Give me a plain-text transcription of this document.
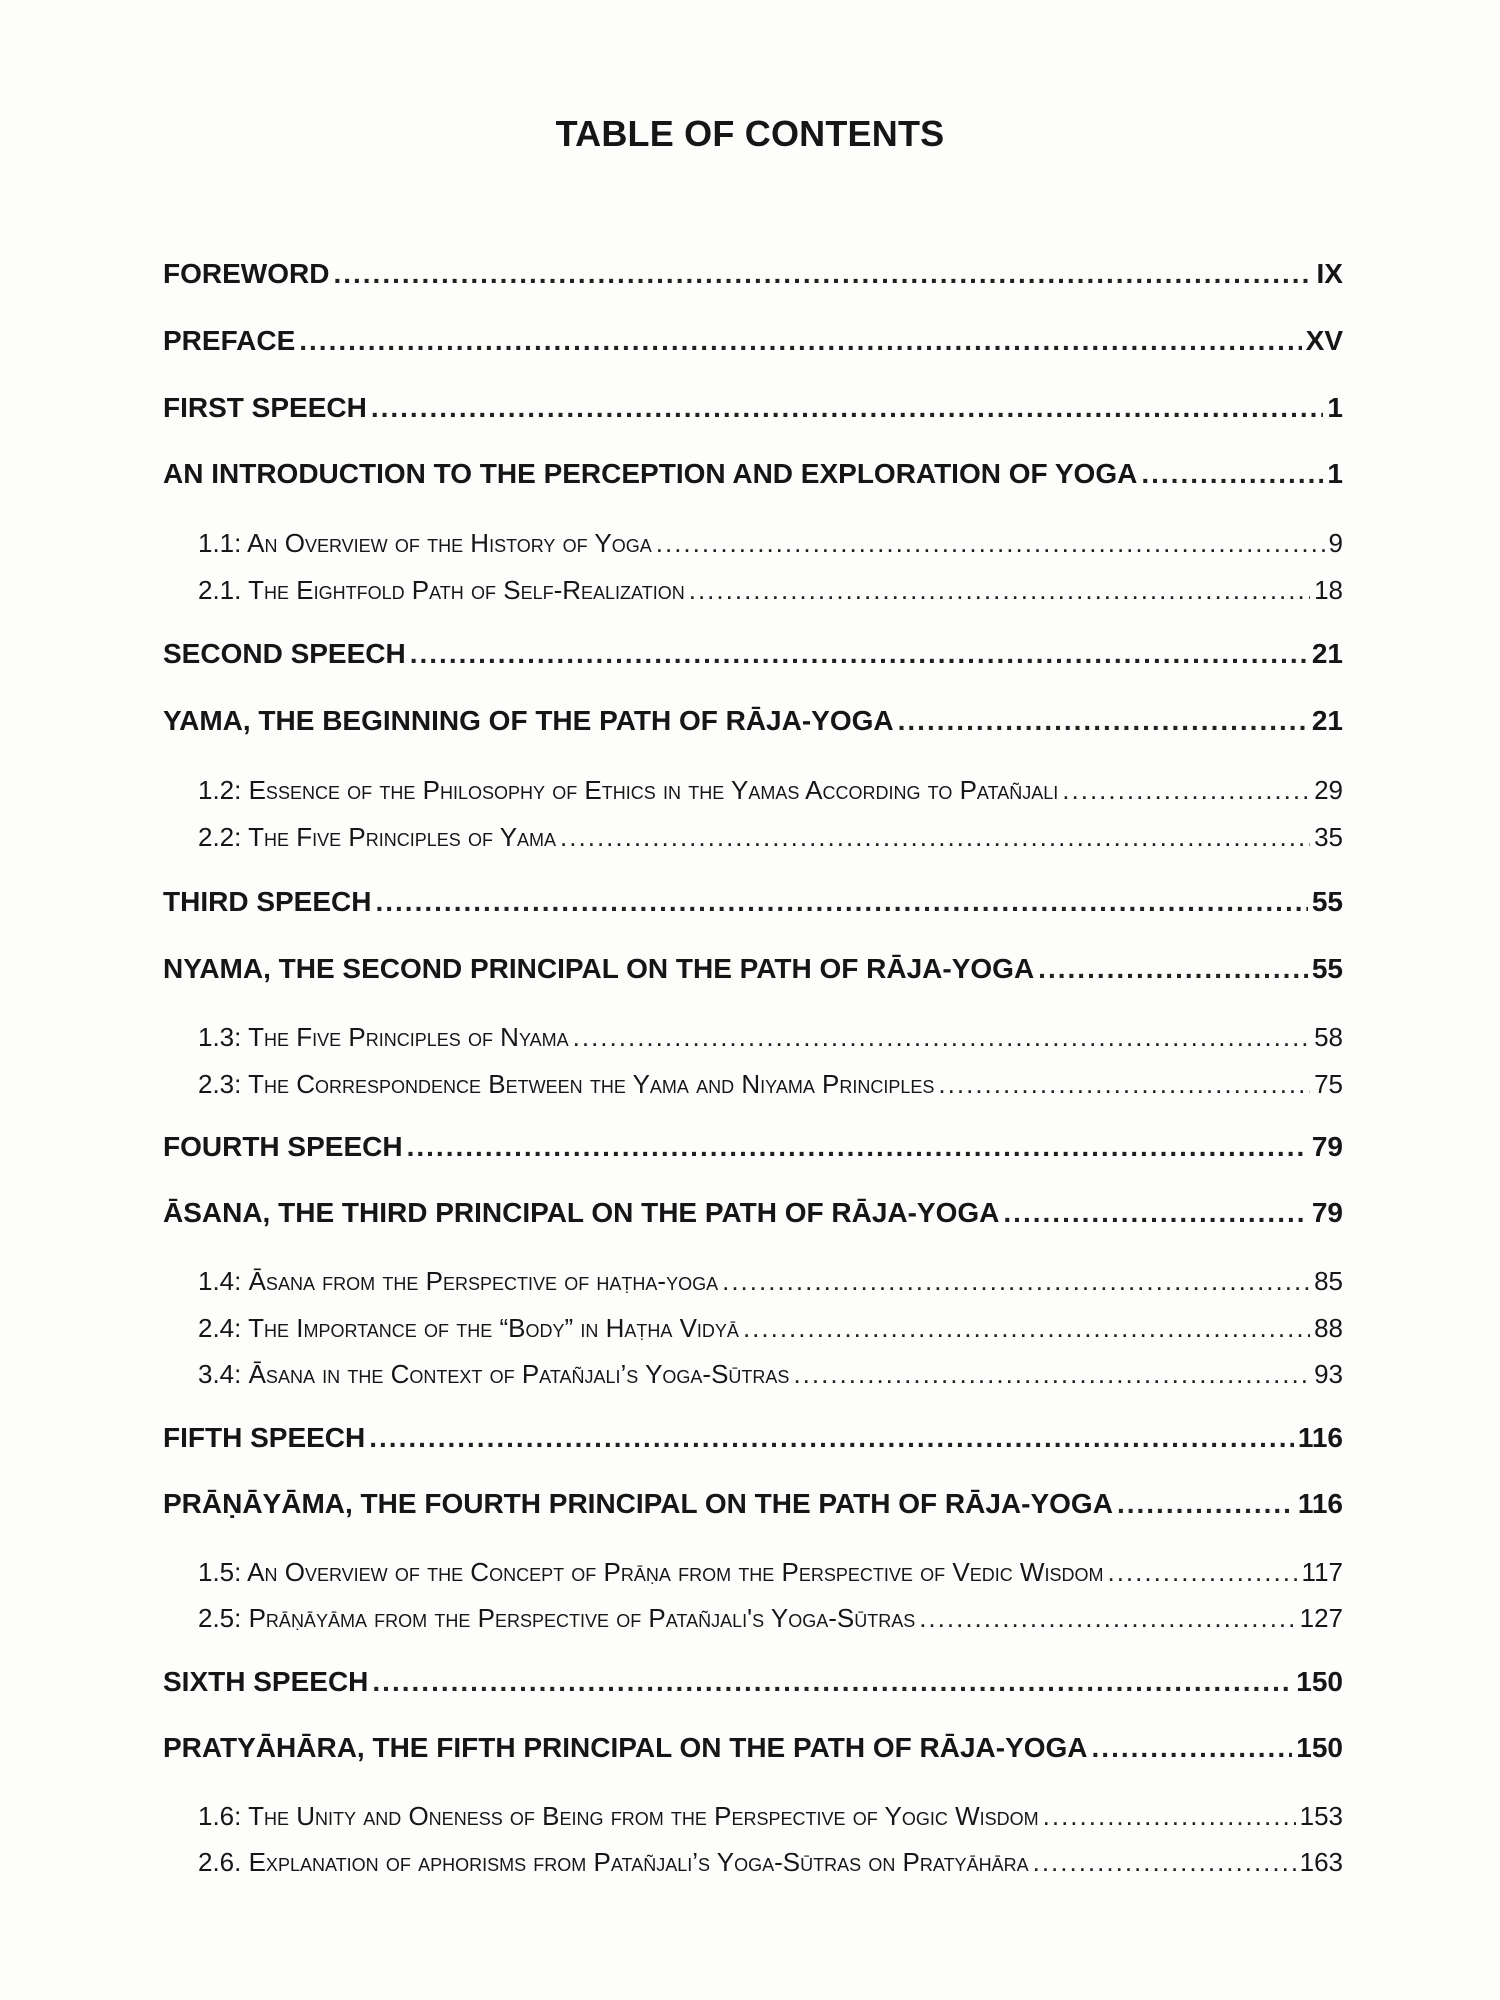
TABLE OF CONTENTS
FOREWORD .....	IX
PREFACE .....	XV
FIRST SPEECH .....	1
AN INTRODUCTION TO THE PERCEPTION AND EXPLORATION OF YOGA .....	1
1.1: An Overview of the History of Yoga .....	9
2.1. The Eightfold Path of Self-Realization .....	18
SECOND SPEECH .....	21
YAMA, THE BEGINNING OF THE PATH OF RĀJA-YOGA .....	21
1.2: Essence of the Philosophy of Ethics in the Yamas According to Patañjali .....	29
2.2: The Five Principles of Yama .....	35
THIRD SPEECH .....	55
NYAMA, THE SECOND PRINCIPAL ON THE PATH OF RĀJA-YOGA .....	55
1.3: The Five Principles of Nyama .....	58
2.3: The Correspondence Between the Yama and Niyama Principles .....	75
FOURTH SPEECH .....	79
ĀSANA, THE THIRD PRINCIPAL ON THE PATH OF RĀJA-YOGA .....	79
1.4: Āsana from the Perspective of haṭha-yoga .....	85
2.4: The Importance of the “Body” in Haṭha Vidyā .....	88
3.4: Āsana in the Context of Patañjali’s Yoga-Sūtras .....	93
FIFTH SPEECH .....	116
PRĀṆĀYĀMA, THE FOURTH PRINCIPAL ON THE PATH OF RĀJA-YOGA .....	116
1.5: An Overview of the Concept of Prāṇa from the Perspective of Vedic Wisdom .....	117
2.5: Prāṇāyāma from the Perspective of Patañjali's Yoga-Sūtras .....	127
SIXTH SPEECH .....	150
PRATYĀHĀRA, THE FIFTH PRINCIPAL ON THE PATH OF RĀJA-YOGA .....	150
1.6: The Unity and Oneness of Being from the Perspective of Yogic Wisdom .....	153
2.6. Explanation of aphorisms from Patañjali’s Yoga-Sūtras on Pratyāhāra .....	163
